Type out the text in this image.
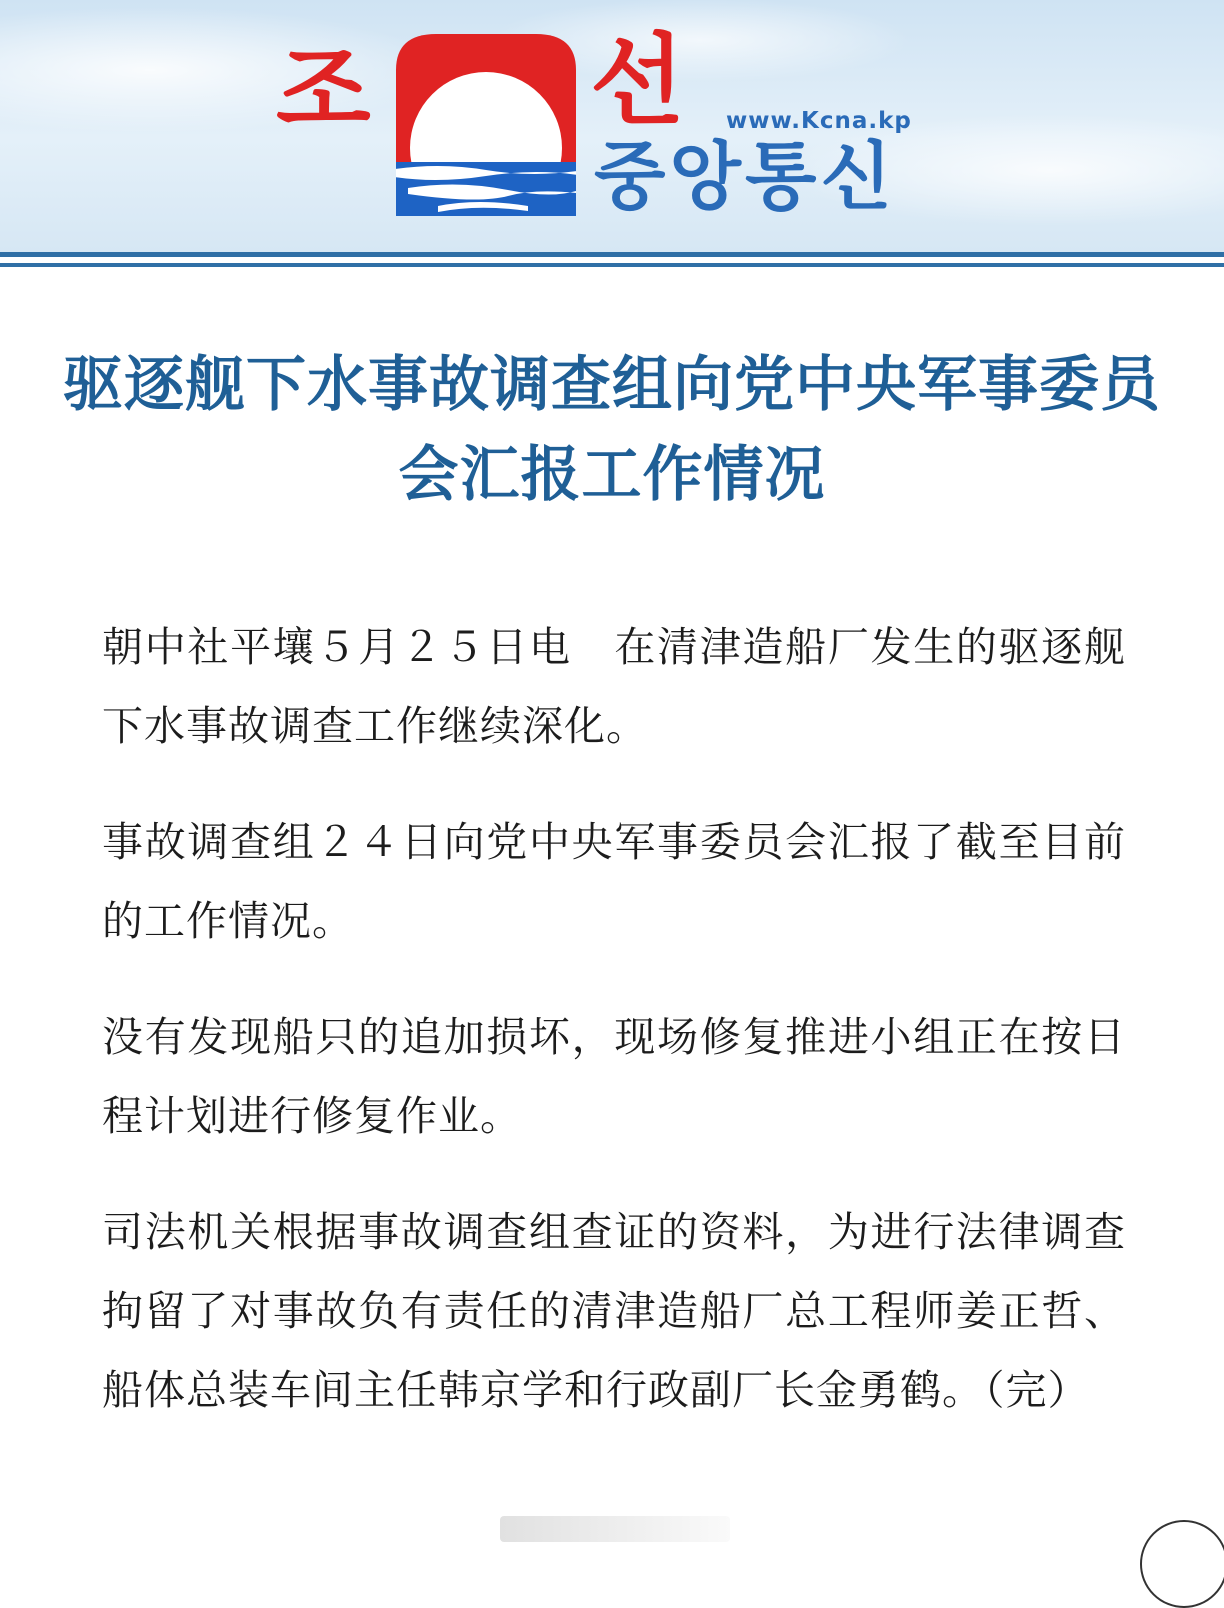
조 선 www.Kcna.kp
중앙통신
驱逐舰下水事故调查组向党中央军事委员会汇报工作情况

朝中社平壤５月２５日电　在清津造船厂发生的驱逐舰下水事故调查工作继续深化。

事故调查组２４日向党中央军事委员会汇报了截至目前的工作情况。

没有发现船只的追加损坏，现场修复推进小组正在按日程计划进行修复作业。

司法机关根据事故调查组查证的资料，为进行法律调查拘留了对事故负有责任的清津造船厂总工程师姜正哲、船体总装车间主任韩京学和行政副厂长金勇鹤。（完）
